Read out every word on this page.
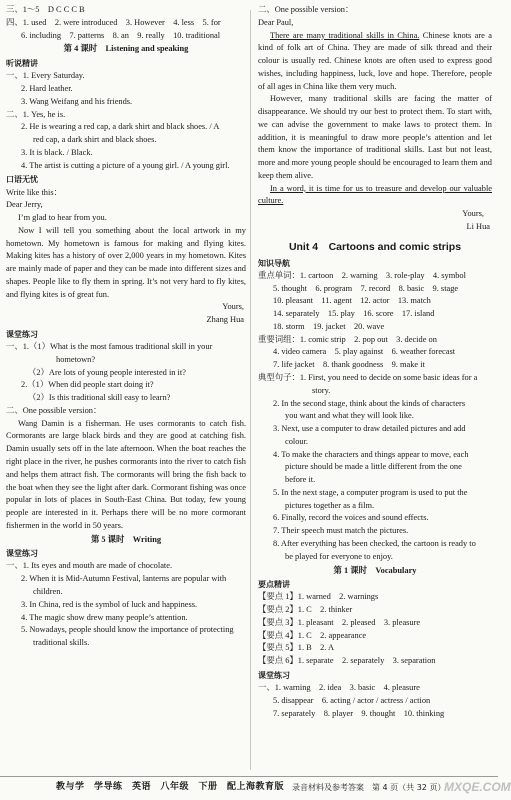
三、1～5　D C C C B
四、1. used　2. were introduced　3. However　4. less　5. for
6. including　7. patterns　8. an　9. really　10. traditional
第 4 课时　Listening and speaking
听说精讲
一、1. Every Saturday.
2. Hard leather.
3. Wang Weifang and his friends.
二、1. Yes, he is.
2. He is wearing a red cap, a dark shirt and black shoes. / A
red cap, a dark shirt and black shoes.
3. It is black. / Black.
4. The artist is cutting a picture of a young girl. / A young girl.
口语无忧
Write like this：
Dear Jerry,
I’m glad to hear from you.
Now I will tell you something about the local artwork in my hometown. My hometown is famous for making and flying kites. Making kites has a history of over 2,000 years in my hometown. Kites are mainly made of paper and they can be made into different sizes and shapes. People like to fly them in spring. It’s not very hard to fly kites, and flying kites is of great fun.
Yours,
Zhang Hua
课堂练习
一、1.（1）What is the most famous traditional skill in your
hometown?
（2）Are lots of young people interested in it?
2.（1）When did people start doing it?
（2）Is this traditional skill easy to learn?
二、One possible version：
Wang Damin is a fisherman. He uses cormorants to catch fish. Cormorants are large black birds and they are good at catching fish. Damin usually sets off in the late afternoon. When the boat reaches the right place in the river, he pushes cormorants into the river to catch fish and helps them attract fish. The cormorants will bring the fish back to the boat when they see the light after dark. Cormorant fishing was once popular in lots of places in South-East China. But today, few young people are interested in it. Perhaps there will be no more cormorant fishermen in the world in 50 years.
第 5 课时　Writing
课堂练习
一、1. Its eyes and mouth are made of chocolate.
2. When it is Mid-Autumn Festival, lanterns are popular with
children.
3. In China, red is the symbol of luck and happiness.
4. The magic show drew many people’s attention.
5. Nowadays, people should know the importance of protecting
traditional skills.
二、One possible version：
Dear Paul,
There are many traditional skills in China. Chinese knots are a kind of folk art of China. They are made of silk thread and their colour is usually red. Chinese knots are often used to express good wishes, including happiness, luck, love and hope. Therefore, people of all ages in China like them very much.
However, many traditional skills are facing the matter of disappearance. We should try our best to protect them. To start with, we can advise the government to make laws to protect them. In addition, it is meaningful to draw more people’s attention and let them know the importance of traditional skills. Last but not least, more and more young people should be encouraged to learn them and keep them alive.
In a word, it is time for us to treasure and develop our valuable culture.
Yours,
Li Hua
Unit 4　Cartoons and comic strips
知识导航
重点单词：1. cartoon　2. warning　3. role-play　4. symbol
5. thought　6. program　7. record　8. basic　9. stage
10. pleasant　11. agent　12. actor　13. match
14. separately　15. play　16. score　17. island
18. storm　19. jacket　20. wave
重要词组：1. comic strip　2. pop out　3. decide on
4. video camera　5. play against　6. weather forecast
7. life jacket　8. thank goodness　9. make it
典型句子：1. First, you need to decide on some basic ideas for a
story.
2. In the second stage, think about the kinds of characters
you want and what they will look like.
3. Next, use a computer to draw detailed pictures and add
colour.
4. To make the characters and things appear to move, each
picture should be made a little different from the one
before it.
5. In the next stage, a computer program is used to put the
pictures together as a film.
6. Finally, record the voices and sound effects.
7. Their speech must match the pictures.
8. After everything has been checked, the cartoon is ready to
be played for everyone to enjoy.
第 1 课时　Vocabulary
要点精讲
【要点 1】1. warned　2. warnings
【要点 2】1. C　2. thinker
【要点 3】1. pleasant　2. pleased　3. pleasure
【要点 4】1. C　2. appearance
【要点 5】1. B　2. A
【要点 6】1. separate　2. separately　3. separation
课堂练习
一、1. warning　2. idea　3. basic　4. pleasure
5. disappear　6. acting / actor / actress / action
7. separately　8. player　9. thought　10. thinking
教与学　学导练　英语　八年级　下册　配上海教育版 录音材料及参考答案　第 4 页（共 32 页）
MXQE.COM
